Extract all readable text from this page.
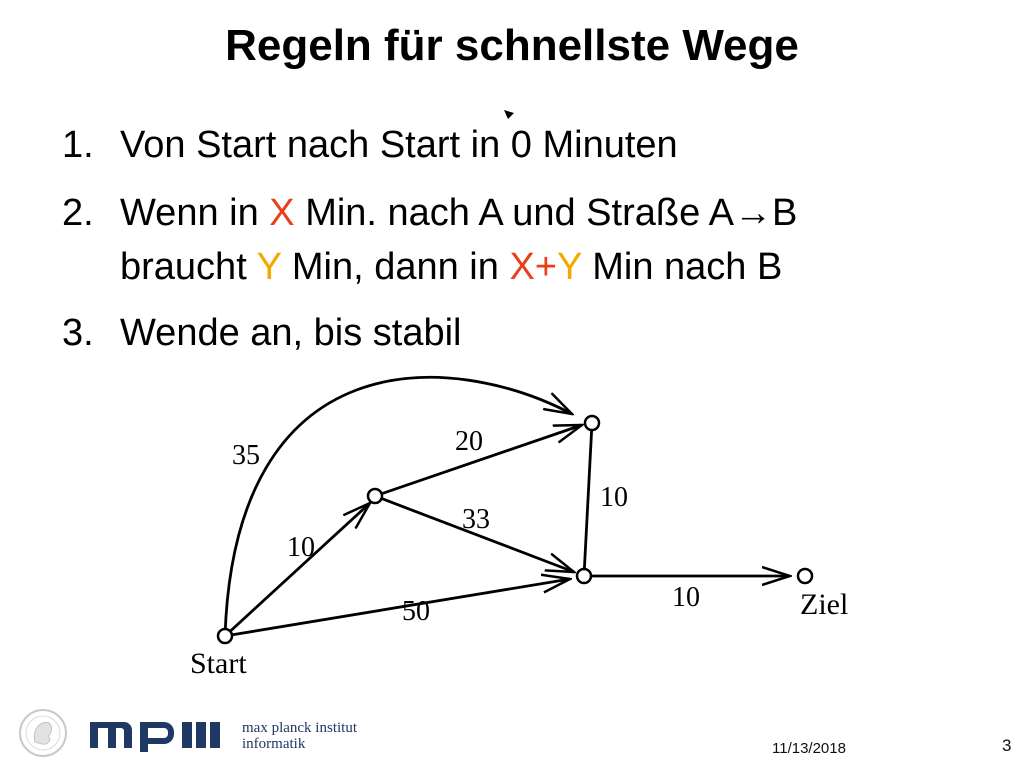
Regeln für schnellste Wege
1. Von Start nach Start in 0 Minuten
2. Wenn in X Min. nach A und Straße A→B
braucht Y Min, dann in X+Y Min nach B
3. Wende an, bis stabil
35
10
50
20
33
10
10
Start
Ziel
max planck institut
informatik	11/13/2018	3
